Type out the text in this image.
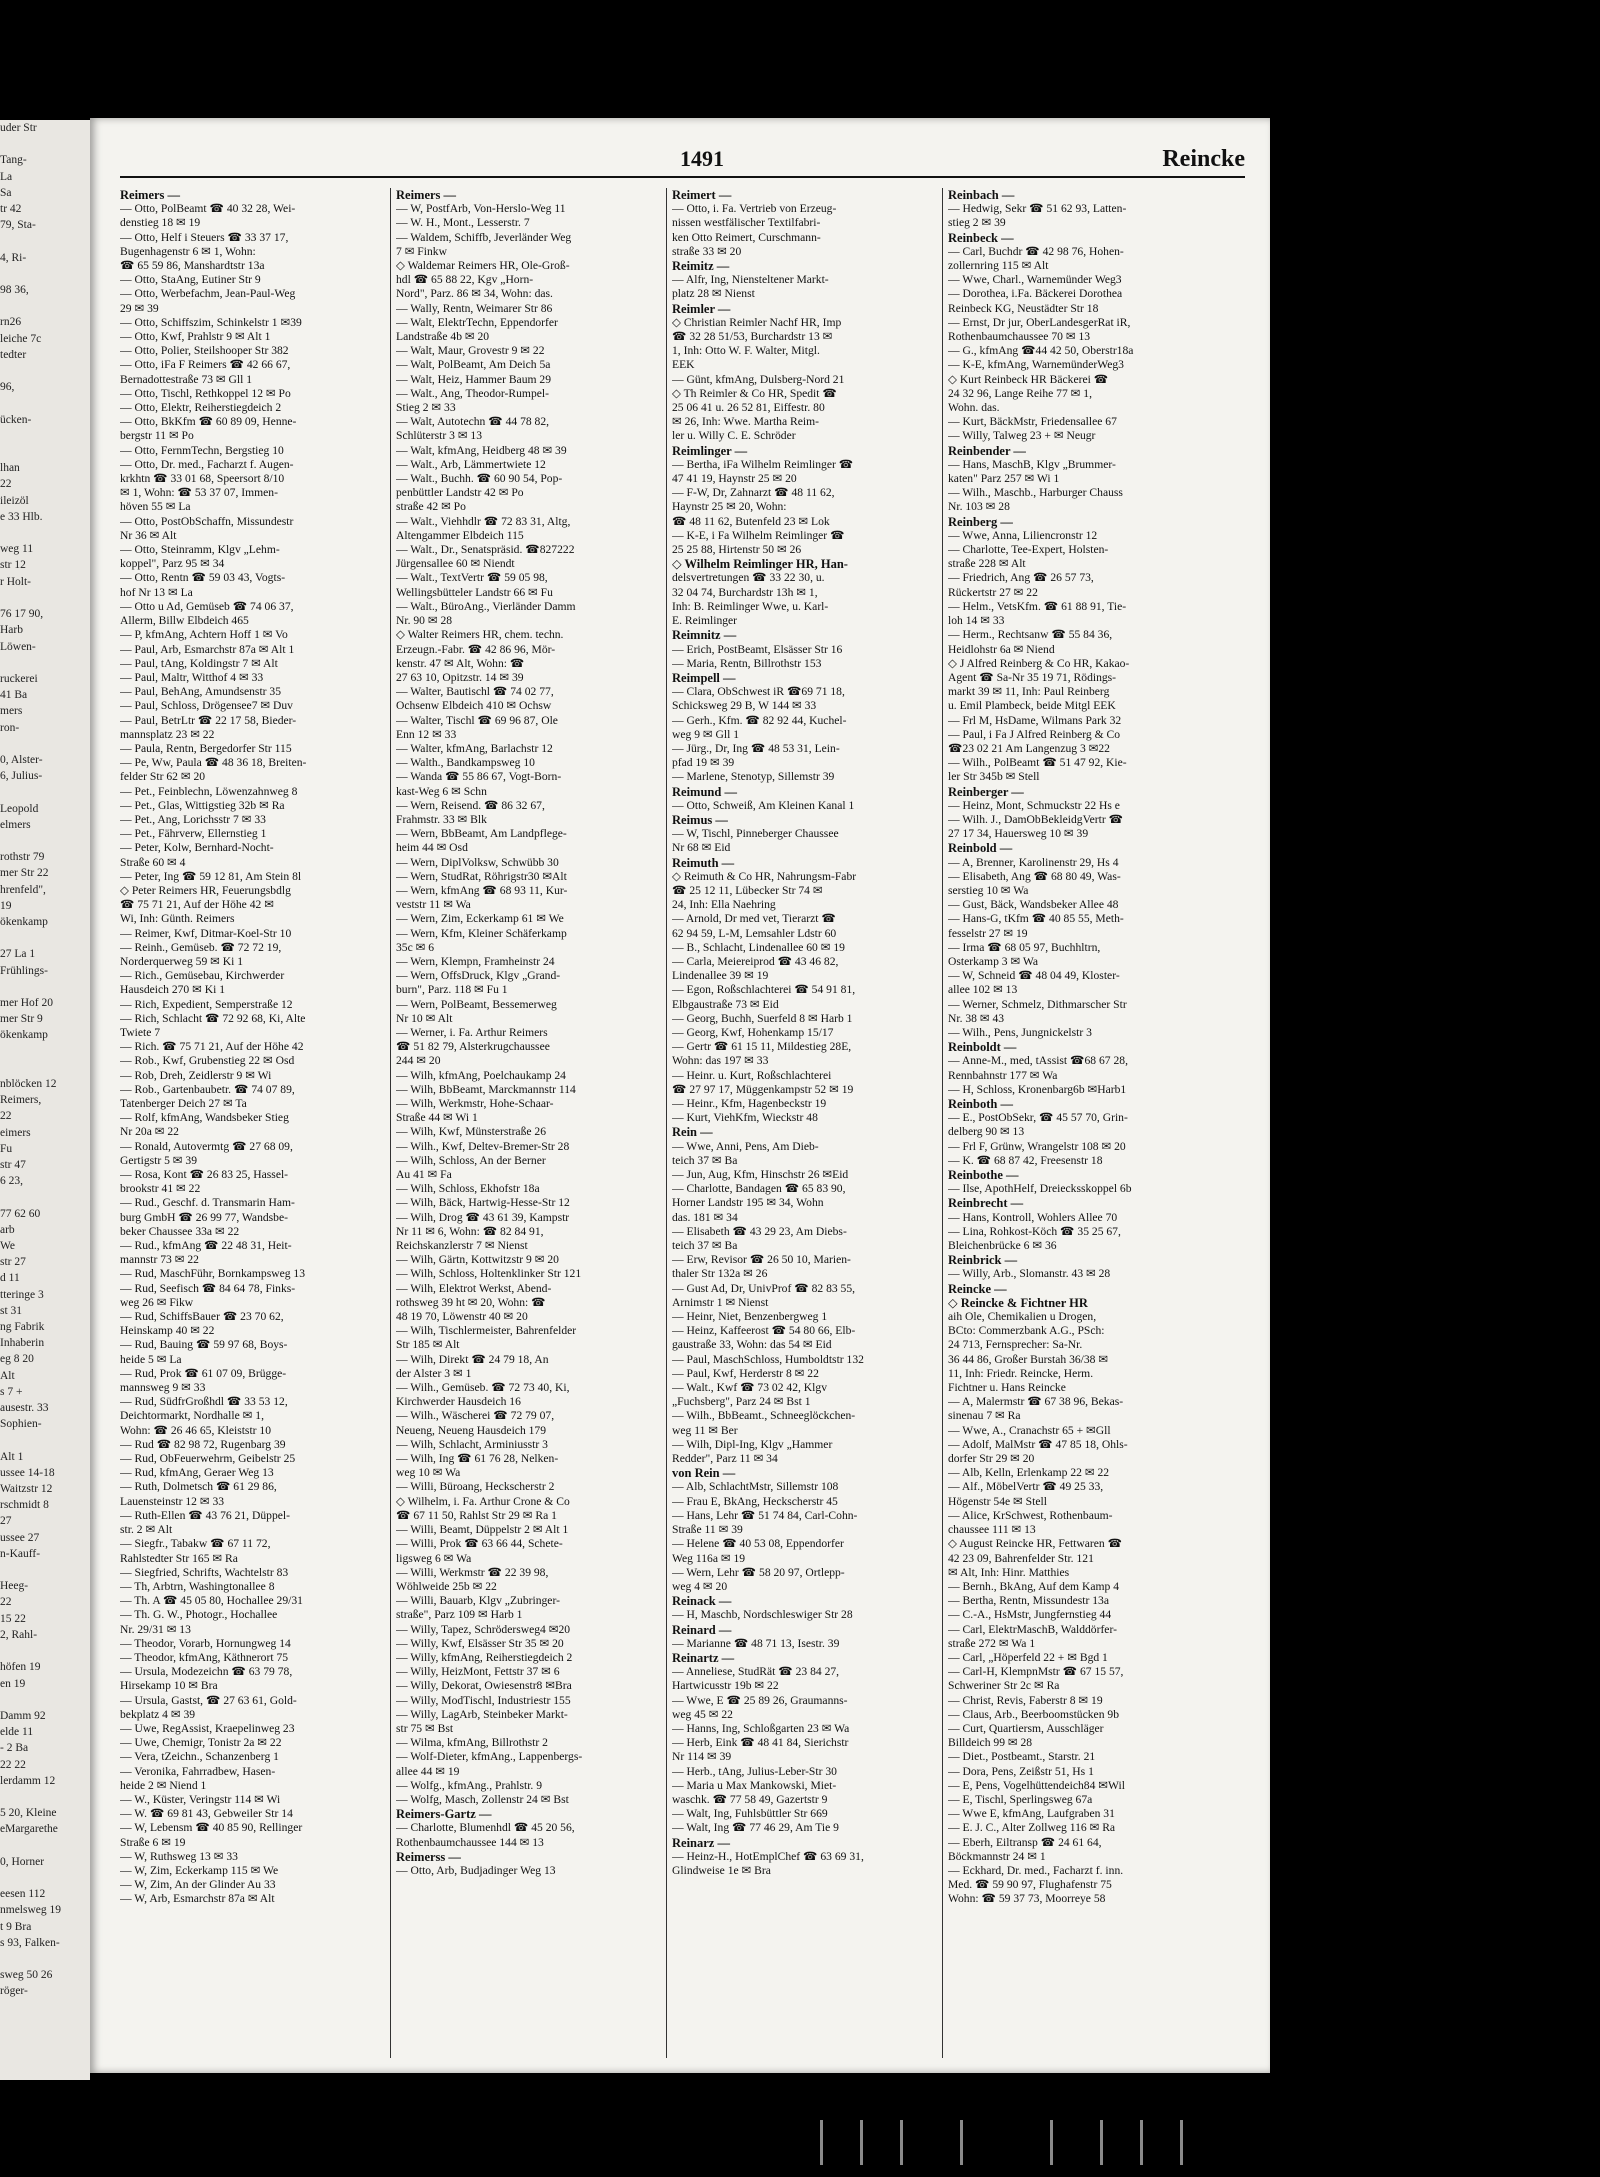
uder Str

Tang-
La
Sa
tr 42
79, Sta-

4, Ri-

98 36,

rn26
leiche 7c
tedter

96,

ücken-

lhan
22
ileizöl
e 33 Hlb.

weg 11
str 12
r Holt-

76 17 90,
Harb
Löwen-

ruckerei
41 Ba
mers
ron-

0, Alster-
6, Julius-

Leopold
elmers

rothstr 79
mer Str 22
hrenfeld",
19
ökenkamp

27 La 1
Frühlings-

mer Hof 20
mer Str 9
ökenkamp

nblöcken 12
Reimers,
22
eimers
Fu
str 47
6 23,

77 62 60
arb
We
str 27
d 11
tteringe 3
st 31
ng Fabrik
Inhaberin
eg 8 20
Alt
s 7 +
ausestr. 33
Sophien-

Alt 1
ussee 14-18
Waitzstr 12
rschmidt 8
27
ussee 27
n-Kauff-

Heeg-
22
15 22
2, Rahl-

höfen 19
en 19

Damm 92
elde 11
- 2 Ba
22 22
lerdamm 12

5 20, Kleine
eMargarethe

0, Horner

eesen 112
nmelsweg 19
t 9 Bra
s 93, Falken-

sweg 50 26
röger-
1491	Reincke
Reimers —
— Otto, PolBeamt ☎ 40 32 28, Wei-
denstieg 18 ✉ 19
— Otto, Helf i Steuers ☎ 33 37 17,
Bugenhagenstr 6 ✉ 1, Wohn:
☎ 65 59 86, Manshardtstr 13a
— Otto, StaAng, Eutiner Str 9
— Otto, Werbefachm, Jean-Paul-Weg
29 ✉ 39
— Otto, Schiffszim, Schinkelstr 1 ✉39
— Otto, Kwf, Prahlstr 9 ✉ Alt 1
— Otto, Polier, Steilshooper Str 382
— Otto, iFa F Reimers ☎ 42 66 67,
Bernadottestraße 73 ✉ Gll 1
— Otto, Tischl, Rethkoppel 12 ✉ Po
— Otto, Elektr, Reiherstiegdeich 2
— Otto, BkKfm ☎ 60 89 09, Henne-
bergstr 11 ✉ Po
— Otto, FernmTechn, Bergstieg 10
— Otto, Dr. med., Facharzt f. Augen-
krkhtn ☎ 33 01 68, Speersort 8/10
✉ 1, Wohn: ☎ 53 37 07, Immen-
höven 55 ✉ La
— Otto, PostObSchaffn, Missundestr
Nr 36 ✉ Alt
— Otto, Steinramm, Klgv „Lehm-
koppel", Parz 95 ✉ 34
— Otto, Rentn ☎ 59 03 43, Vogts-
hof Nr 13 ✉ La
— Otto u Ad, Gemüseb ☎ 74 06 37,
Allerm, Billw Elbdeich 465
— P, kfmAng, Achtern Hoff 1 ✉ Vo
— Paul, Arb, Esmarchstr 87a ✉ Alt 1
— Paul, tAng, Koldingstr 7 ✉ Alt
— Paul, Maltr, Witthof 4 ✉ 33
— Paul, BehAng, Amundsenstr 35
— Paul, Schloss, Drögensee7 ✉ Duv
— Paul, BetrLtr ☎ 22 17 58, Bieder-
mannsplatz 23 ✉ 22
— Paula, Rentn, Bergedorfer Str 115
— Pe, Ww, Paula ☎ 48 36 18, Breiten-
felder Str 62 ✉ 20
— Pet., Feinblechn, Löwenzahnweg 8
— Pet., Glas, Wittigstieg 32b ✉ Ra
— Pet., Ang, Lorichsstr 7 ✉ 33
— Pet., Fährverw, Ellernstieg 1
— Peter, Kolw, Bernhard-Nocht-
Straße 60 ✉ 4
— Peter, Ing ☎ 59 12 81, Am Stein 8l
◇ Peter Reimers HR, Feuerungsbdlg
☎ 75 71 21, Auf der Höhe 42 ✉
Wi, Inh: Günth. Reimers
— Reimer, Kwf, Ditmar-Koel-Str 10
— Reinh., Gemüseb. ☎ 72 72 19,
Norderquerweg 59 ✉ Ki 1
— Rich., Gemüsebau, Kirchwerder
Hausdeich 270 ✉ Ki 1
— Rich, Expedient, Semperstraße 12
— Rich, Schlacht ☎ 72 92 68, Ki, Alte
Twiete 7
— Rich. ☎ 75 71 21, Auf der Höhe 42
— Rob., Kwf, Grubenstieg 22 ✉ Osd
— Rob, Dreh, Zeidlerstr 9 ✉ Wi
— Rob., Gartenbaubetr. ☎ 74 07 89,
Tatenberger Deich 27 ✉ Ta
— Rolf, kfmAng, Wandsbeker Stieg
Nr 20a ✉ 22
— Ronald, Autovermtg ☎ 27 68 09,
Gertigstr 5 ✉ 39
— Rosa, Kont ☎ 26 83 25, Hassel-
brookstr 41 ✉ 22
— Rud., Geschf. d. Transmarin Ham-
burg GmbH ☎ 26 99 77, Wandsbe-
beker Chaussee 33a ✉ 22
— Rud., kfmAng ☎ 22 48 31, Heit-
mannstr 73 ✉ 22
— Rud, MaschFühr, Bornkampsweg 13
— Rud, Seefisch ☎ 84 64 78, Finks-
weg 26 ✉ Fikw
— Rud, SchiffsBauer ☎ 23 70 62,
Heinskamp 40 ✉ 22
— Rud, Bauing ☎ 59 97 68, Boys-
heide 5 ✉ La
— Rud, Prok ☎ 61 07 09, Brügge-
mannsweg 9 ✉ 33
— Rud, SüdfrGroßhdl ☎ 33 53 12,
Deichtormarkt, Nordhalle ✉ 1,
Wohn: ☎ 26 46 65, Kleiststr 10
— Rud ☎ 82 98 72, Rugenbarg 39
— Rud, ObFeuerwehrm, Geibelstr 25
— Rud, kfmAng, Geraer Weg 13
— Ruth, Dolmetsch ☎ 61 29 86,
Lauensteinstr 12 ✉ 33
— Ruth-Ellen ☎ 43 76 21, Düppel-
str. 2 ✉ Alt
— Siegfr., Tabakw ☎ 67 11 72,
Rahlstedter Str 165 ✉ Ra
— Siegfried, Schrifts, Wachtelstr 83
— Th, Arbtrn, Washingtonallee 8
— Th. A ☎ 45 05 80, Hochallee 29/31
— Th. G. W., Photogr., Hochallee
Nr. 29/31 ✉ 13
— Theodor, Vorarb, Hornungweg 14
— Theodor, kfmAng, Käthnerort 75
— Ursula, Modezeichn ☎ 63 79 78,
Hirsekamp 10 ✉ Bra
— Ursula, Gastst, ☎ 27 63 61, Gold-
bekplatz 4 ✉ 39
— Uwe, RegAssist, Kraepelinweg 23
— Uwe, Chemigr, Tonistr 2a ✉ 22
— Vera, tZeichn., Schanzenberg 1
— Veronika, Fahrradbew, Hasen-
heide 2 ✉ Niend 1
— W., Küster, Veringstr 114 ✉ Wi
— W. ☎ 69 81 43, Gebweiler Str 14
— W, Lebensm ☎ 40 85 90, Rellinger
Straße 6 ✉ 19
— W, Ruthsweg 13 ✉ 33
— W, Zim, Eckerkamp 115 ✉ We
— W, Zim, An der Glinder Au 33
— W, Arb, Esmarchstr 87a ✉ Alt
Reimers —
— W, PostfArb, Von-Herslo-Weg 11
— W. H., Mont., Lesserstr. 7
— Waldem, Schiffb, Jeverländer Weg
7 ✉ Finkw
◇ Waldemar Reimers HR, Ole-Groß-
hdl ☎ 65 88 22, Kgv „Horn-
Nord", Parz. 86 ✉ 34, Wohn: das.
— Wally, Rentn, Weimarer Str 86
— Walt, ElektrTechn, Eppendorfer
Landstraße 4b ✉ 20
— Walt, Maur, Grovestr 9 ✉ 22
— Walt, PolBeamt, Am Deich 5a
— Walt, Heiz, Hammer Baum 29
— Walt., Ang, Theodor-Rumpel-
Stieg 2 ✉ 33
— Walt, Autotechn ☎ 44 78 82,
Schlüterstr 3 ✉ 13
— Walt, kfmAng, Heidberg 48 ✉ 39
— Walt., Arb, Lämmertwiete 12
— Walt., Buchh. ☎ 60 90 54, Pop-
penbüttler Landstr 42 ✉ Po
straße 42 ✉ Po
— Walt., Viehhdlr ☎ 72 83 31, Altg,
Altengammer Elbdeich 115
— Walt., Dr., Senatspräsid. ☎827222
Jürgensallee 60 ✉ Niendt
— Walt., TextVertr ☎ 59 05 98,
Wellingsbütteler Landstr 66 ✉ Fu
— Walt., BüroAng., Vierländer Damm
Nr. 90 ✉ 28
◇ Walter Reimers HR, chem. techn.
Erzeugn.-Fabr. ☎ 42 86 96, Mör-
kenstr. 47 ✉ Alt, Wohn: ☎
27 63 10, Opitzstr. 14 ✉ 39
— Walter, Bautischl ☎ 74 02 77,
Ochsenw Elbdeich 410 ✉ Ochsw
— Walter, Tischl ☎ 69 96 87, Ole
Enn 12 ✉ 33
— Walter, kfmAng, Barlachstr 12
— Walth., Bandkampsweg 10
— Wanda ☎ 55 86 67, Vogt-Born-
kast-Weg 6 ✉ Schn
— Wern, Reisend. ☎ 86 32 67,
Frahmstr. 33 ✉ Blk
— Wern, BbBeamt, Am Landpflege-
heim 44 ✉ Osd
— Wern, DiplVolksw, Schwübb 30
— Wern, StudRat, Röhrigstr30 ✉Alt
— Wern, kfmAng ☎ 68 93 11, Kur-
veststr 11 ✉ Wa
— Wern, Zim, Eckerkamp 61 ✉ We
— Wern, Kfm, Kleiner Schäferkamp
35c ✉ 6
— Wern, Klempn, Framheinstr 24
— Wern, OffsDruck, Klgv „Grand-
burn", Parz. 118 ✉ Fu 1
— Wern, PolBeamt, Bessemerweg
Nr 10 ✉ Alt
— Werner, i. Fa. Arthur Reimers
☎ 51 82 79, Alsterkrugchaussee
244 ✉ 20
— Wilh, kfmAng, Poelchaukamp 24
— Wilh, BbBeamt, Marckmannstr 114
— Wilh, Werkmstr, Hohe-Schaar-
Straße 44 ✉ Wi 1
— Wilh, Kwf, Münsterstraße 26
— Wilh., Kwf, Deltev-Bremer-Str 28
— Wilh, Schloss, An der Berner
Au 41 ✉ Fa
— Wilh, Schloss, Ekhofstr 18a
— Wilh, Bäck, Hartwig-Hesse-Str 12
— Wilh, Drog ☎ 43 61 39, Kampstr
Nr 11 ✉ 6, Wohn: ☎ 82 84 91,
Reichskanzlerstr 7 ✉ Nienst
— Wilh, Gärtn, Kottwitzstr 9 ✉ 20
— Wilh, Schloss, Holtenklinker Str 121
— Wilh, Elektrot Werkst, Abend-
rothsweg 39 ht ✉ 20, Wohn: ☎
48 19 70, Löwenstr 40 ✉ 20
— Wilh, Tischlermeister, Bahrenfelder
Str 185 ✉ Alt
— Wilh, Direkt ☎ 24 79 18, An
der Alster 3 ✉ 1
— Wilh., Gemüseb. ☎ 72 73 40, Ki,
Kirchwerder Hausdeich 16
— Wilh., Wäscherei ☎ 72 79 07,
Neueng, Neueng Hausdeich 179
— Wilh, Schlacht, Arminiusstr 3
— Wilh, Ing ☎ 61 76 28, Nelken-
weg 10 ✉ Wa
— Willi, Büroang, Heckscherstr 2
◇ Wilhelm, i. Fa. Arthur Crone & Co
☎ 67 11 50, Rahlst Str 29 ✉ Ra 1
— Willi, Beamt, Düppelstr 2 ✉ Alt 1
— Willi, Prok ☎ 63 66 44, Schete-
ligsweg 6 ✉ Wa
— Willi, Werkmstr ☎ 22 39 98,
Wöhlweide 25b ✉ 22
— Willi, Bauarb, Klgv „Zubringer-
straße", Parz 109 ✉ Harb 1
— Willy, Tapez, Schrödersweg4 ✉20
— Willy, Kwf, Elsässer Str 35 ✉ 20
— Willy, kfmAng, Reiherstiegdeich 2
— Willy, HeizMont, Fettstr 37 ✉ 6
— Willy, Dekorat, Owiesenstr8 ✉Bra
— Willy, ModTischl, Industriestr 155
— Willy, LagArb, Steinbeker Markt-
str 75 ✉ Bst
— Wilma, kfmAng, Billrothstr 2
— Wolf-Dieter, kfmAng., Lappenbergs-
allee 44 ✉ 19
— Wolfg., kfmAng., Prahlstr. 9
— Wolfg, Masch, Zollenstr 24 ✉ Bst
Reimers-Gartz —
— Charlotte, Blumenhdl ☎ 45 20 56,
Rothenbaumchaussee 144 ✉ 13
Reimerss —
— Otto, Arb, Budjadinger Weg 13
Reimert —
— Otto, i. Fa. Vertrieb von Erzeug-
nissen westfälischer Textilfabri-
ken Otto Reimert, Curschmann-
straße 33 ✉ 20
Reimitz —
— Alfr, Ing, Niensteltener Markt-
platz 28 ✉ Nienst
Reimler —
◇ Christian Reimler Nachf HR, Imp
☎ 32 28 51/53, Burchardstr 13 ✉
1, Inh: Otto W. F. Walter, Mitgl.
EEK
— Günt, kfmAng, Dulsberg-Nord 21
◇ Th Reimler & Co HR, Spedit ☎
25 06 41 u. 26 52 81, Eiffestr. 80
✉ 26, Inh: Wwe. Martha Reim-
ler u. Willy C. E. Schröder
Reimlinger —
— Bertha, iFa Wilhelm Reimlinger ☎
47 41 19, Haynstr 25 ✉ 20
— F-W, Dr, Zahnarzt ☎ 48 11 62,
Haynstr 25 ✉ 20, Wohn:
☎ 48 11 62, Butenfeld 23 ✉ Lok
— K-E, i Fa Wilhelm Reimlinger ☎
25 25 88, Hirtenstr 50 ✉ 26
◇ Wilhelm Reimlinger HR, Han-
delsvertretungen ☎ 33 22 30, u.
32 04 74, Burchardstr 13h ✉ 1,
Inh: B. Reimlinger Wwe, u. Karl-
E. Reimlinger
Reimnitz —
— Erich, PostBeamt, Elsässer Str 16
— Maria, Rentn, Billrothstr 153
Reimpell —
— Clara, ObSchwest iR ☎69 71 18,
Schicksweg 29 B, W 144 ✉ 33
— Gerh., Kfm. ☎ 82 92 44, Kuchel-
weg 9 ✉ Gll 1
— Jürg., Dr, Ing ☎ 48 53 31, Lein-
pfad 19 ✉ 39
— Marlene, Stenotyp, Sillemstr 39
Reimund —
— Otto, Schweiß, Am Kleinen Kanal 1
Reimus —
— W, Tischl, Pinneberger Chaussee
Nr 68 ✉ Eid
Reimuth —
◇ Reimuth & Co HR, Nahrungsm-Fabr
☎ 25 12 11, Lübecker Str 74 ✉
24, Inh: Ella Naehring
— Arnold, Dr med vet, Tierarzt ☎
62 94 59, L-M, Lemsahler Ldstr 60
— B., Schlacht, Lindenallee 60 ✉ 19
— Carla, Meiereiprod ☎ 43 46 82,
Lindenallee 39 ✉ 19
— Egon, Roßschlachterei ☎ 54 91 81,
Elbgaustraße 73 ✉ Eid
— Georg, Buchh, Suerfeld 8 ✉ Harb 1
— Georg, Kwf, Hohenkamp 15/17
— Gertr ☎ 61 15 11, Mildestieg 28E,
Wohn: das 197 ✉ 33
— Heinr. u. Kurt, Roßschlachterei
☎ 27 97 17, Müggenkampstr 52 ✉ 19
— Heinr., Kfm, Hagenbeckstr 19
— Kurt, ViehKfm, Wieckstr 48
Rein —
— Wwe, Anni, Pens, Am Dieb-
teich 37 ✉ Ba
— Jun, Aug, Kfm, Hinschstr 26 ✉Eid
— Charlotte, Bandagen ☎ 65 83 90,
Horner Landstr 195 ✉ 34, Wohn
das. 181 ✉ 34
— Elisabeth ☎ 43 29 23, Am Diebs-
teich 37 ✉ Ba
— Erw, Revisor ☎ 26 50 10, Marien-
thaler Str 132a ✉ 26
— Gust Ad, Dr, UnivProf ☎ 82 83 55,
Arnimstr 1 ✉ Nienst
— Heinr, Niet, Benzenbergweg 1
— Heinz, Kaffeerost ☎ 54 80 66, Elb-
gaustraße 33, Wohn: das 54 ✉ Eid
— Paul, MaschSchloss, Humboldtstr 132
— Paul, Kwf, Herderstr 8 ✉ 22
— Walt., Kwf ☎ 73 02 42, Klgv
„Fuchsberg", Parz 24 ✉ Bst 1
— Wilh., BbBeamt., Schneeglöckchen-
weg 11 ✉ Ber
— Wilh, Dipl-Ing, Klgv „Hammer
Redder", Parz 11 ✉ 34
von Rein —
— Alb, SchlachtMstr, Sillemstr 108
— Frau E, BkAng, Heckscherstr 45
— Hans, Lehr ☎ 51 74 84, Carl-Cohn-
Straße 11 ✉ 39
— Helene ☎ 40 53 08, Eppendorfer
Weg 116a ✉ 19
— Wern, Lehr ☎ 58 20 97, Ortlepp-
weg 4 ✉ 20
Reinack —
— H, Maschb, Nordschleswiger Str 28
Reinard —
— Marianne ☎ 48 71 13, Isestr. 39
Reinartz —
— Anneliese, StudRät ☎ 23 84 27,
Hartwicusstr 19b ✉ 22
— Wwe, E ☎ 25 89 26, Graumanns-
weg 45 ✉ 22
— Hanns, Ing, Schloßgarten 23 ✉ Wa
— Herb, Eink ☎ 48 41 84, Sierichstr
Nr 114 ✉ 39
— Herb., tAng, Julius-Leber-Str 30
— Maria u Max Mankowski, Miet-
waschk. ☎ 77 58 49, Gazertstr 9
— Walt, Ing, Fuhlsbüttler Str 669
— Walt, Ing ☎ 77 46 29, Am Tie 9
Reinarz —
— Heinz-H., HotEmplChef ☎ 63 69 31,
Glindweise 1e ✉ Bra
Reinbach —
— Hedwig, Sekr ☎ 51 62 93, Latten-
stieg 2 ✉ 39
Reinbeck —
— Carl, Buchdr ☎ 42 98 76, Hohen-
zollernring 115 ✉ Alt
— Wwe, Charl., Warnemünder Weg3
— Dorothea, i.Fa. Bäckerei Dorothea
Reinbeck KG, Neustädter Str 18
— Ernst, Dr jur, OberLandesgerRat iR,
Rothenbaumchaussee 70 ✉ 13
— G., kfmAng ☎44 42 50, Oberstr18a
— K-E, kfmAng, WarnemünderWeg3
◇ Kurt Reinbeck HR Bäckerei ☎
24 32 96, Lange Reihe 77 ✉ 1,
Wohn. das.
— Kurt, BäckMstr, Friedensallee 67
— Willy, Talweg 23 + ✉ Neugr
Reinbender —
— Hans, MaschB, Klgv „Brummer-
katen" Parz 257 ✉ Wi 1
— Wilh., Maschb., Harburger Chauss
Nr. 103 ✉ 28
Reinberg —
— Wwe, Anna, Liliencronstr 12
— Charlotte, Tee-Expert, Holsten-
straße 228 ✉ Alt
— Friedrich, Ang ☎ 26 57 73,
Rückertstr 27 ✉ 22
— Helm., VetsKfm. ☎ 61 88 91, Tie-
loh 14 ✉ 33
— Herm., Rechtsanw ☎ 55 84 36,
Heidlohstr 6a ✉ Niend
◇ J Alfred Reinberg & Co HR, Kakao-
Agent ☎ Sa-Nr 35 19 71, Rödings-
markt 39 ✉ 11, Inh: Paul Reinberg
u. Emil Plambeck, beide Mitgl EEK
— Frl M, HsDame, Wilmans Park 32
— Paul, i Fa J Alfred Reinberg & Co
☎23 02 21 Am Langenzug 3 ✉22
— Wilh., PolBeamt ☎ 51 47 92, Kie-
ler Str 345b ✉ Stell
Reinberger —
— Heinz, Mont, Schmuckstr 22 Hs e
— Wilh. J., DamObBekleidgVertr ☎
27 17 34, Hauersweg 10 ✉ 39
Reinbold —
— A, Brenner, Karolinenstr 29, Hs 4
— Elisabeth, Ang ☎ 68 80 49, Was-
serstieg 10 ✉ Wa
— Gust, Bäck, Wandsbeker Allee 48
— Hans-G, tKfm ☎ 40 85 55, Meth-
fesselstr 27 ✉ 19
— Irma ☎ 68 05 97, Buchhltrn,
Osterkamp 3 ✉ Wa
— W, Schneid ☎ 48 04 49, Kloster-
allee 102 ✉ 13
— Werner, Schmelz, Dithmarscher Str
Nr. 38 ✉ 43
— Wilh., Pens, Jungnickelstr 3
Reinboldt —
— Anne-M., med, tAssist ☎68 67 28,
Rennbahnstr 177 ✉ Wa
— H, Schloss, Kronenbarg6b ✉Harb1
Reinboth —
— E., PostObSekr, ☎ 45 57 70, Grin-
delberg 90 ✉ 13
— Frl F, Grünw, Wrangelstr 108 ✉ 20
— K. ☎ 68 87 42, Freesenstr 18
Reinbothe —
— Ilse, ApothHelf, Dreiecksskoppel 6b
Reinbrecht —
— Hans, Kontroll, Wohlers Allee 70
— Lina, Rohkost-Köch ☎ 35 25 67,
Bleichenbrücke 6 ✉ 36
Reinbrick —
— Willy, Arb., Slomanstr. 43 ✉ 28
Reincke —
◇ Reincke & Fichtner HR
aih Ole, Chemikalien u Drogen,
BCto: Commerzbank A.G., PSch:
24 713, Fernsprecher: Sa-Nr.
36 44 86, Großer Burstah 36/38 ✉
11, Inh: Friedr. Reincke, Herm.
Fichtner u. Hans Reincke
— A, Malermstr ☎ 67 38 96, Bekas-
sinenau 7 ✉ Ra
— Wwe, A., Cranachstr 65 + ✉Gll
— Adolf, MalMstr ☎ 47 85 18, Ohls-
dorfer Str 29 ✉ 20
— Alb, Kelln, Erlenkamp 22 ✉ 22
— Alf., MöbelVertr ☎ 49 25 33,
Högenstr 54e ✉ Stell
— Alice, KrSchwest, Rothenbaum-
chaussee 111 ✉ 13
◇ August Reincke HR, Fettwaren ☎
42 23 09, Bahrenfelder Str. 121
✉ Alt, Inh: Hinr. Matthies
— Bernh., BkAng, Auf dem Kamp 4
— Bertha, Rentn, Missundestr 13a
— C.-A., HsMstr, Jungfernstieg 44
— Carl, ElektrMaschB, Walddörfer-
straße 272 ✉ Wa 1
— Carl, „Höperfeld 22 + ✉ Bgd 1
— Carl-H, KlempnMstr ☎ 67 15 57,
Schweriner Str 2c ✉ Ra
— Christ, Revis, Faberstr 8 ✉ 19
— Claus, Arb., Beerboomstücken 9b
— Curt, Quartiersm, Ausschläger
Billdeich 99 ✉ 28
— Diet., Postbeamt., Starstr. 21
— Dora, Pens, Zeißstr 51, Hs 1
— E, Pens, Vogelhüttendeich84 ✉Wil
— E, Tischl, Sperlingsweg 67a
— Wwe E, kfmAng, Laufgraben 31
— E. J. C., Alter Zollweg 116 ✉ Ra
— Eberh, Eiltransp ☎ 24 61 64,
Böckmannstr 24 ✉ 1
— Eckhard, Dr. med., Facharzt f. inn.
Med. ☎ 59 90 97, Flughafenstr 75
Wohn: ☎ 59 37 73, Moorreye 58
